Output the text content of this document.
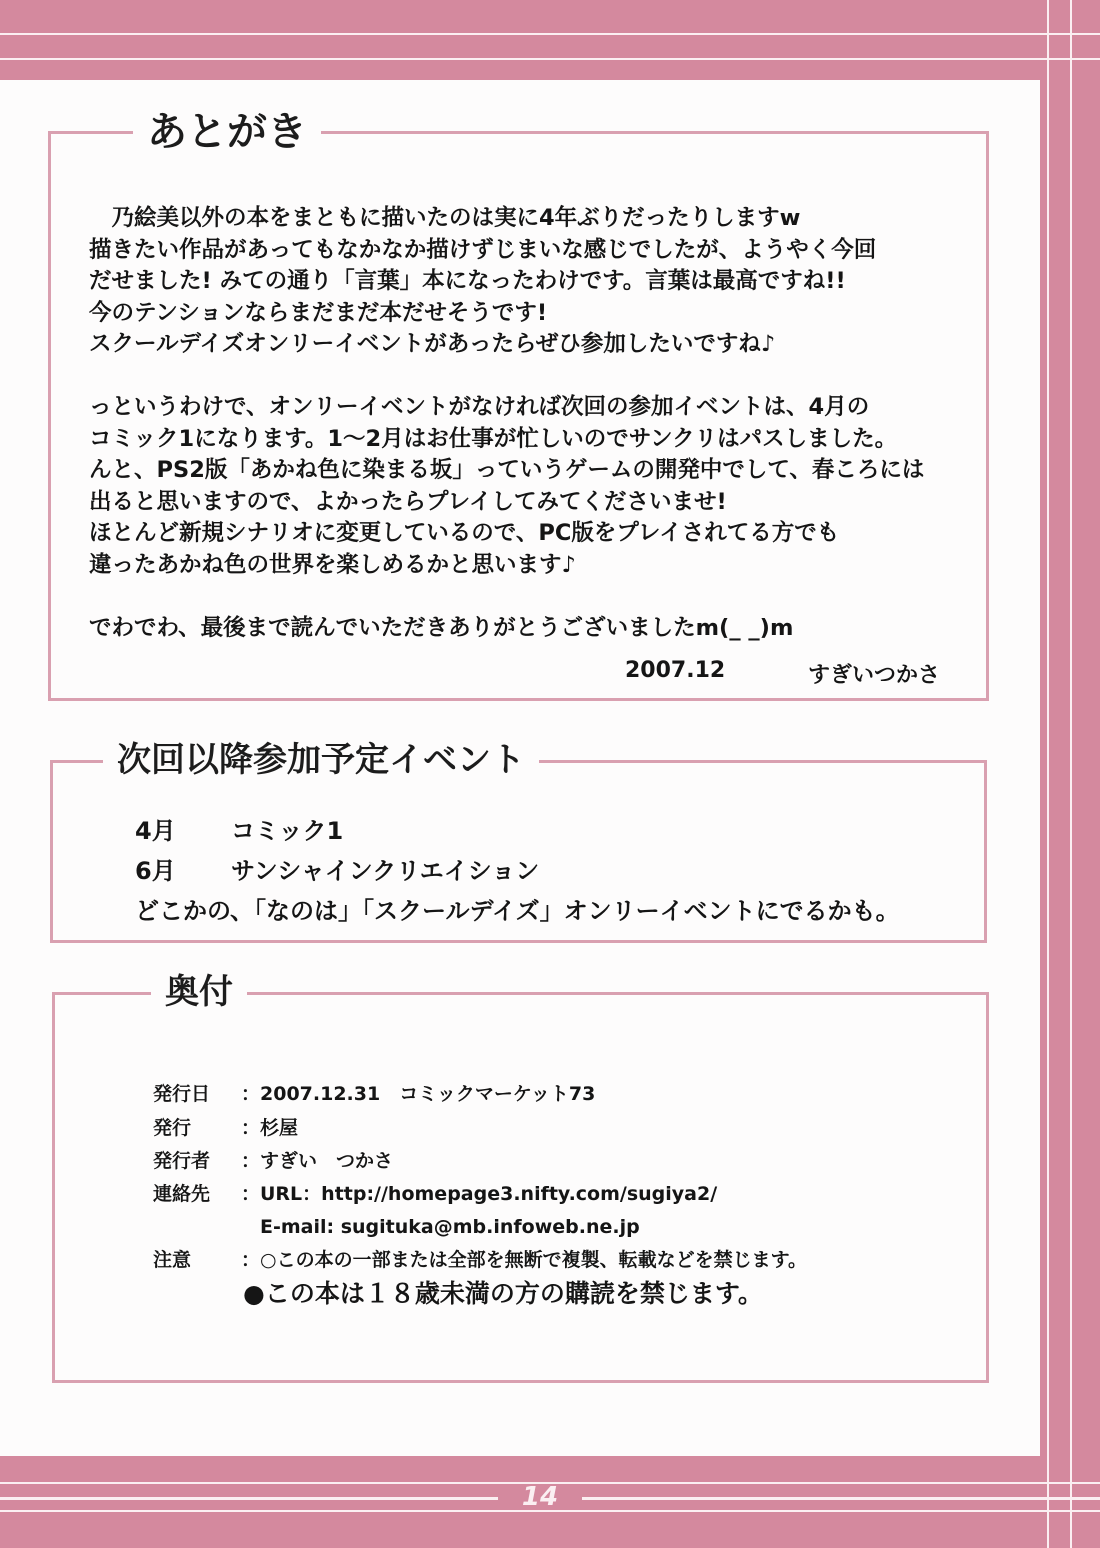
あとがき

　乃絵美以外の本をまともに描いたのは実に4年ぶりだったりしますw

描きたい作品があってもなかなか描けずじまいな感じでしたが、ようやく今回

だせました! みての通り「言葉」本になったわけです。言葉は最高ですね!!

今のテンションならまだまだ本だせそうです!

スクールデイズオンリーイベントがあったらぜひ参加したいですね♪

っというわけで、オンリーイベントがなければ次回の参加イベントは、4月の

コミック1になります。1～2月はお仕事が忙しいのでサンクリはパスしました。

んと、PS2版「あかね色に染まる坂」っていうゲームの開発中でして、春ころには

出ると思いますので、よかったらプレイしてみてくださいませ!

ほとんど新規シナリオに変更しているので、PC版をプレイされてる方でも

違ったあかね色の世界を楽しめるかと思います♪

でわでわ、最後まで読んでいただきありがとうございましたm(_ _)m

2007.12	すぎいつかさ
次回以降参加予定イベント
4月 コミック1
6月 サンシャインクリエイション
どこかの、「なのは」「スクールデイズ」オンリーイベントにでるかも。
奥付
発行日 ：2007.12.31　コミックマーケット73
発行	：杉屋
発行者 ：すぎい　つかさ
連絡先 ：URL：http://homepage3.nifty.com/sugiya2/
　E-mail: sugituka@mb.infoweb.ne.jp
注意	：○この本の一部または全部を無断で複製、転載などを禁じます。
●この本は１８歳未満の方の購読を禁じます。
14
